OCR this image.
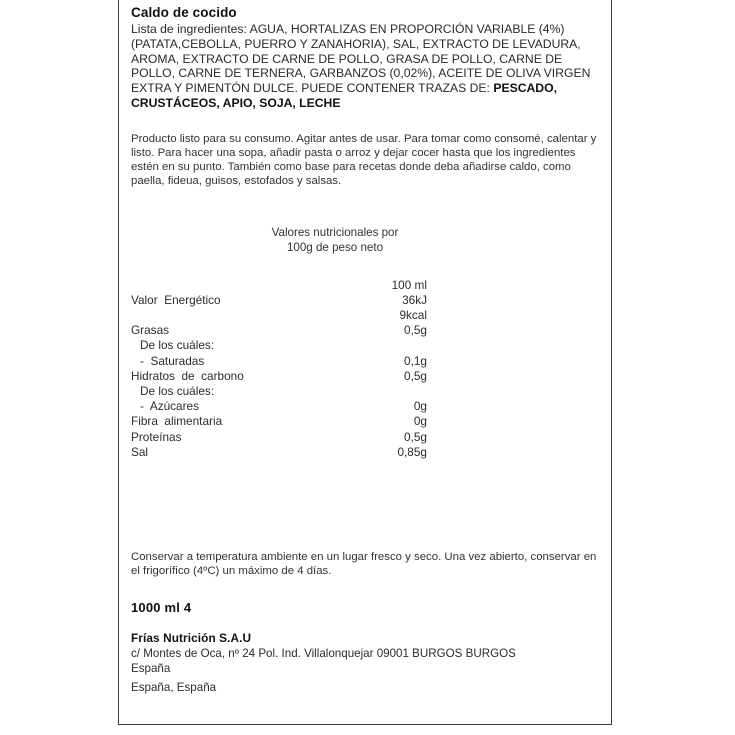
Caldo de cocido
Lista de ingredientes: AGUA, HORTALIZAS EN PROPORCIÓN VARIABLE (4%) (PATATA,CEBOLLA, PUERRO Y ZANAHORIA), SAL, EXTRACTO DE LEVADURA, AROMA, EXTRACTO DE CARNE DE POLLO, GRASA DE POLLO, CARNE DE POLLO, CARNE DE TERNERA, GARBANZOS (0,02%), ACEITE DE OLIVA VIRGEN EXTRA Y PIMENTÓN DULCE. PUEDE CONTENER TRAZAS DE: PESCADO, CRUSTÁCEOS, APIO, SOJA, LECHE
Producto listo para su consumo. Agitar antes de usar. Para tomar como consomé, calentar y listo. Para hacer una sopa, añadir pasta o arroz y dejar cocer hasta que los ingredientes estén en su punto. También como base para recetas donde deba añadirse caldo, como paella, fideua, guisos, estofados y salsas.
Valores nutricionales por
100g de peso neto
	100 ml
Valor  Energético	36kJ
	9kcal
Grasas	0,5g
De los cuáles:	
-  Saturadas	0,1g
Hidratos  de  carbono	0,5g
De los cuáles:	
-  Azúcares	0g
Fibra  alimentaria	0g
Proteínas	0,5g
Sal	0,85g
Conservar a temperatura ambiente en un lugar fresco y seco. Una vez abierto, conservar en el frigorífico (4ºC) un máximo de 4 días.
1000 ml 4
Frías Nutrición S.A.U
c/ Montes de Oca, nº 24 Pol. Ind. Villalonquejar 09001 BURGOS BURGOS
España
España, España
